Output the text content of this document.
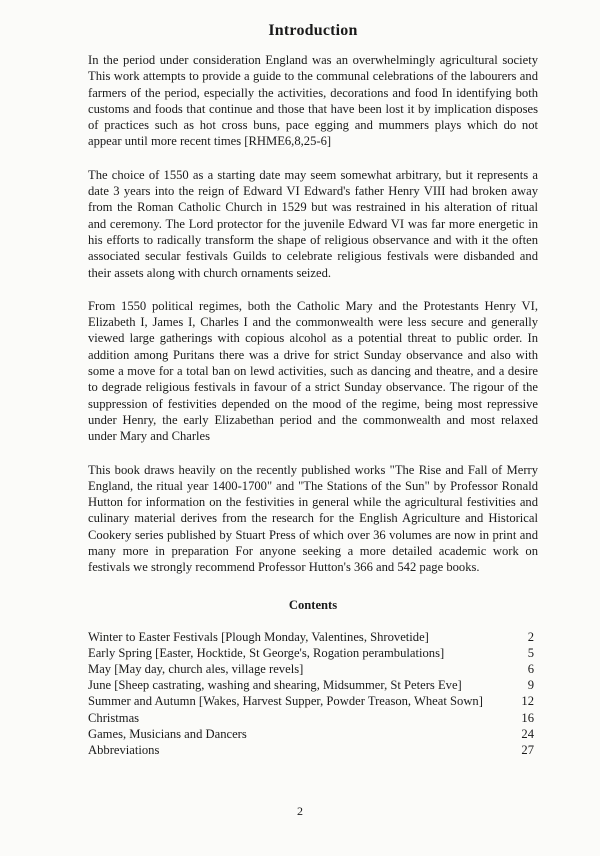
Introduction

In the period under consideration England was an overwhelmingly agricultural society This work attempts to provide a guide to the communal celebrations of the labourers and farmers of the period, especially the activities, decorations and food In identifying both customs and foods that continue and those that have been lost it by implication disposes of practices such as hot cross buns, pace egging and mummers plays which do not appear until more recent times [RHME6,8,25-6]

The choice of 1550 as a starting date may seem somewhat arbitrary, but it represents a date 3 years into the reign of Edward VI Edward's father Henry VIII had broken away from the Roman Catholic Church in 1529 but was restrained in his alteration of ritual and ceremony. The Lord protector for the juvenile Edward VI was far more energetic in his efforts to radically transform the shape of religious observance and with it the often associated secular festivals Guilds to celebrate religious festivals were disbanded and their assets along with church ornaments seized.

From 1550 political regimes, both the Catholic Mary and the Protestants Henry VI, Elizabeth I, James I, Charles I and the commonwealth were less secure and generally viewed large gatherings with copious alcohol as a potential threat to public order. In addition among Puritans there was a drive for strict Sunday observance and also with some a move for a total ban on lewd activities, such as dancing and theatre, and a desire to degrade religious festivals in favour of a strict Sunday observance. The rigour of the suppression of festivities depended on the mood of the regime, being most repressive under Henry, the early Elizabethan period and the commonwealth and most relaxed under Mary and Charles

This book draws heavily on the recently published works "The Rise and Fall of Merry England, the ritual year 1400-1700" and "The Stations of the Sun" by Professor Ronald Hutton for information on the festivities in general while the agricultural festivities and culinary material derives from the research for the English Agriculture and Historical Cookery series published by Stuart Press of which over 36 volumes are now in print and many more in preparation For anyone seeking a more detailed academic work on festivals we strongly recommend Professor Hutton's 366 and 542 page books.

Contents
Winter to Easter Festivals [Plough Monday, Valentines, Shrovetide]	2
Early Spring [Easter, Hocktide, St George's, Rogation perambulations]	5
May [May day, church ales, village revels]	6
June [Sheep castrating, washing and shearing, Midsummer, St Peters Eve]	9
Summer and Autumn [Wakes, Harvest Supper, Powder Treason, Wheat Sown]	12
Christmas	16
Games, Musicians and Dancers	24
Abbreviations	27
2
